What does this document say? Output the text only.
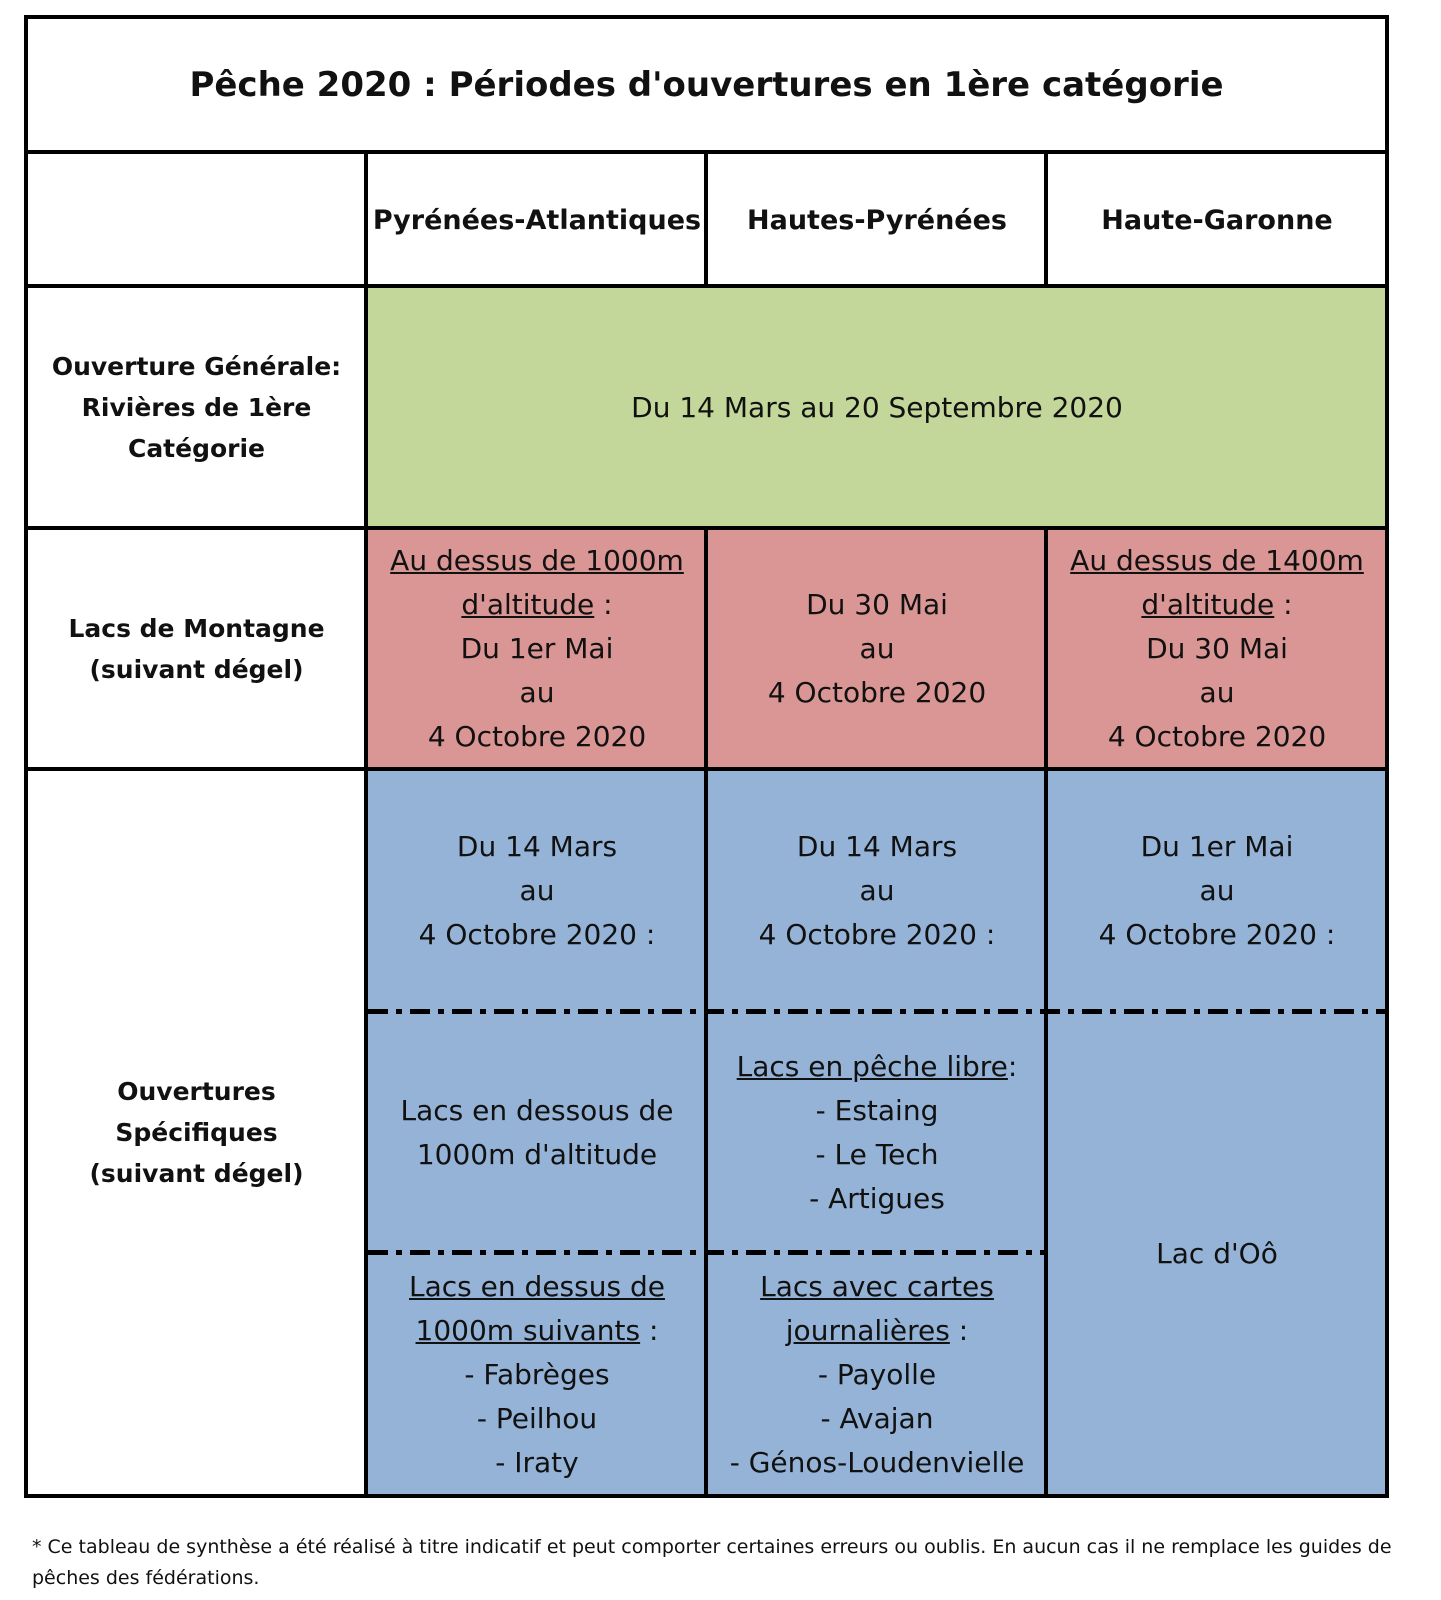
Pêche 2020 : Périodes d'ouvertures en 1ère catégorie
Pyrénées-Atlantiques Hautes-Pyrénées	Haute-Garonne
Ouverture Générale:
Rivières de 1ère
Catégorie
Lacs de Montagne
(suivant dégel)
Ouvertures
Spécifiques
(suivant dégel)
Du 14 Mars au 20 Septembre 2020
Au dessus de 1000m
d'altitude :
Du 1er Mai
au
4 Octobre 2020
Du 30 Mai
au
4 Octobre 2020
Au dessus de 1400m
d'altitude :
Du 30 Mai
au
4 Octobre 2020
Du 14 Mars
au
4 Octobre 2020 :
Du 14 Mars
au
4 Octobre 2020 :
Du 1er Mai
au
4 Octobre 2020 :
Lacs en dessous de
1000m d'altitude
Lacs en pêche libre:
- Estaing
- Le Tech
- Artigues
Lac d'Oô
Lacs en dessus de
1000m suivants :
- Fabrèges
- Peilhou
- Iraty
Lacs avec cartes
journalières :
- Payolle
- Avajan
- Génos-Loudenvielle
* Ce tableau de synthèse a été réalisé à titre indicatif et peut comporter certaines erreurs ou oublis. En aucun cas il ne remplace les guides de pêches des fédérations.
